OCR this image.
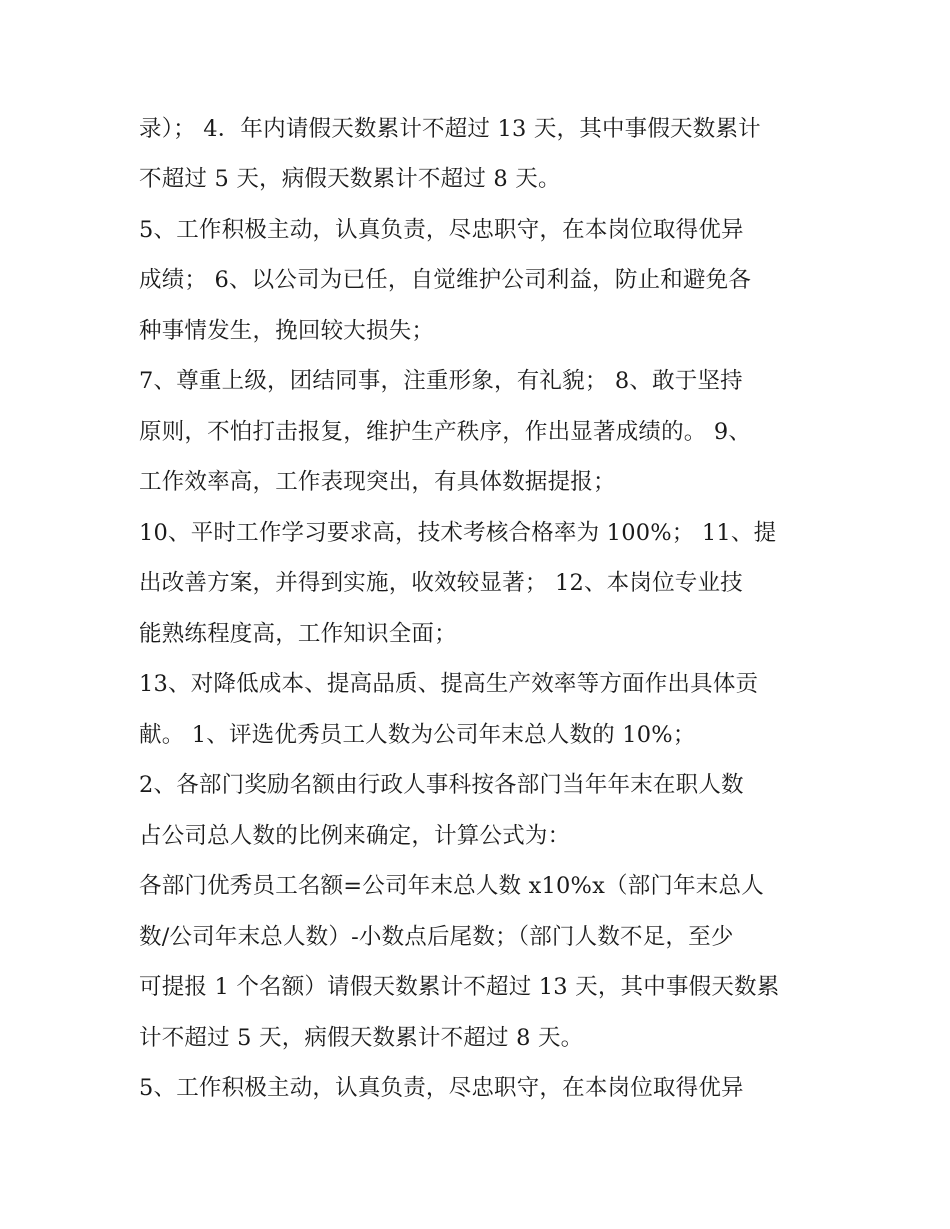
录）； 4．年内请假天数累计不超过 13 天，其中事假天数累计
不超过 5 天，病假天数累计不超过 8 天。
5、工作积极主动，认真负责，尽忠职守，在本岗位取得优异
成绩； 6、以公司为已任，自觉维护公司利益，防止和避免各
种事情发生，挽回较大损失；
7、尊重上级，团结同事，注重形象，有礼貌； 8、敢于坚持
原则，不怕打击报复，维护生产秩序，作出显著成绩的。 9、
工作效率高，工作表现突出，有具体数据提报；
10、平时工作学习要求高，技术考核合格率为 100%； 11、提
出改善方案，并得到实施，收效较显著； 12、本岗位专业技
能熟练程度高，工作知识全面；
13、对降低成本、提高品质、提高生产效率等方面作出具体贡
献。 1、评选优秀员工人数为公司年末总人数的 10%；
2、各部门奖励名额由行政人事科按各部门当年年末在职人数
占公司总人数的比例来确定，计算公式为：
各部门优秀员工名额=公司年末总人数 x10%x（部门年末总人
数/公司年末总人数）-小数点后尾数；（部门人数不足，至少
可提报 1 个名额）请假天数累计不超过 13 天，其中事假天数累
计不超过 5 天，病假天数累计不超过 8 天。
5、工作积极主动，认真负责，尽忠职守，在本岗位取得优异
